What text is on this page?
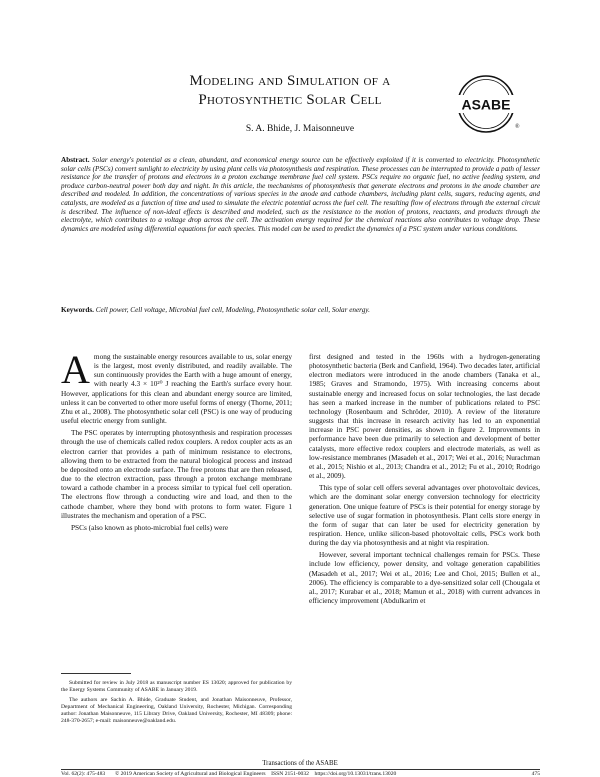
Modeling and Simulation of a
Photosynthetic Solar Cell	ASABE
®
S. A. Bhide, J. Maisonneuve
Abstract. Solar energy's potential as a clean, abundant, and economical energy source can be effectively exploited if it is converted to electricity. Photosynthetic solar cells (PSCs) convert sunlight to electricity by using plant cells via photosynthesis and respiration. These processes can be interrupted to provide a path of lesser resistance for the transfer of protons and electrons in a proton exchange membrane fuel cell system. PSCs require no organic fuel, no active feeding system, and produce carbon-neutral power both day and night. In this article, the mechanisms of photosynthesis that generate electrons and protons in the anode chamber are described and modeled. In addition, the concentrations of various species in the anode and cathode chambers, including plant cells, sugars, reducing agents, and catalysts, are modeled as a function of time and used to simulate the electric potential across the fuel cell. The resulting flow of electrons through the external circuit is described. The influence of non-ideal effects is described and modeled, such as the resistance to the motion of protons, reactants, and products through the electrolyte, which contributes to a voltage drop across the cell. The activation energy required for the chemical reactions also contributes to voltage drop. These dynamics are modeled using differential equations for each species. This model can be used to predict the dynamics of a PSC system under various conditions.
Keywords. Cell power, Cell voltage, Microbial fuel cell, Modeling, Photosynthetic solar cell, Solar energy.

Among the sustainable energy resources available to us, solar energy is the largest, most evenly distributed, and readily available. The sun continuously provides the Earth with a huge amount of energy, with nearly 4.3 × 10²⁰ J reaching the Earth's surface every hour. However, applications for this clean and abundant energy source are limited, unless it can be converted to other more useful forms of energy (Thorne, 2011; Zhu et al., 2008). The photosynthetic solar cell (PSC) is one way of producing useful electric energy from sunlight.

The PSC operates by interrupting photosynthesis and respiration processes through the use of chemicals called redox couplers. A redox coupler acts as an electron carrier that provides a path of minimum resistance to electrons, allowing them to be extracted from the natural biological process and instead be deposited onto an electrode surface. The free protons that are then released, due to the electron extraction, pass through a proton exchange membrane toward a cathode chamber in a process similar to typical fuel cell operation. The electrons flow through a conducting wire and load, and then to the cathode chamber, where they bond with protons to form water. Figure 1 illustrates the mechanism and operation of a PSC.

PSCs (also known as photo-microbial fuel cells) were

first designed and tested in the 1960s with a hydrogen-generating photosynthetic bacteria (Berk and Canfield, 1964). Two decades later, artificial electron mediators were introduced in the anode chambers (Tanaka et al., 1985; Graves and Stramondo, 1975). With increasing concerns about sustainable energy and increased focus on solar technologies, the last decade has seen a marked increase in the number of publications related to PSC technology (Rosenbaum and Schröder, 2010). A review of the literature suggests that this increase in research activity has led to an exponential increase in PSC power densities, as shown in figure 2. Improvements in performance have been due primarily to selection and development of better catalysts, more effective redox couplers and electrode materials, as well as low-resistance membranes (Masadeh et al., 2017; Wei et al., 2016; Nurachman et al., 2015; Nishio et al., 2013; Chandra et al., 2012; Fu et al., 2010; Rodrigo et al., 2009).

This type of solar cell offers several advantages over photovoltaic devices, which are the dominant solar energy conversion technology for electricity generation. One unique feature of PSCs is their potential for energy storage by selective use of sugar formation in photosynthesis. Plant cells store energy in the form of sugar that can later be used for electricity generation by respiration. Hence, unlike silicon-based photovoltaic cells, PSCs work both during the day via photosynthesis and at night via respiration.

However, several important technical challenges remain for PSCs. These include low efficiency, power density, and voltage generation capabilities (Masadeh et al., 2017; Wei et al., 2016; Lee and Choi, 2015; Bullen et al., 2006). The efficiency is comparable to a dye-sensitized solar cell (Chougala et al., 2017; Kurabar et al., 2018; Mamun et al., 2018) with current advances in efficiency improvement (Abdulkarim et

Submitted for review in July 2018 as manuscript number ES 13020; approved for publication by the Energy Systems Community of ASABE in January 2019.

The authors are Sachin A. Bhide, Graduate Student, and Jonathan Maisonneuve, Professor, Department of Mechanical Engineering, Oakland University, Rochester, Michigan. Corresponding author: Jonathan Maisonneuve, 115 Library Drive, Oakland University, Rochester, MI 48309; phone: 248-370-2657; e-mail: maisonneuve@oakland.edu.

Transactions of the ASABE
Vol. 62(2): 475-483 © 2019 American Society of Agricultural and Biological Engineers ISSN 2151-0032 https://doi.org/10.13031/trans.13020	475
